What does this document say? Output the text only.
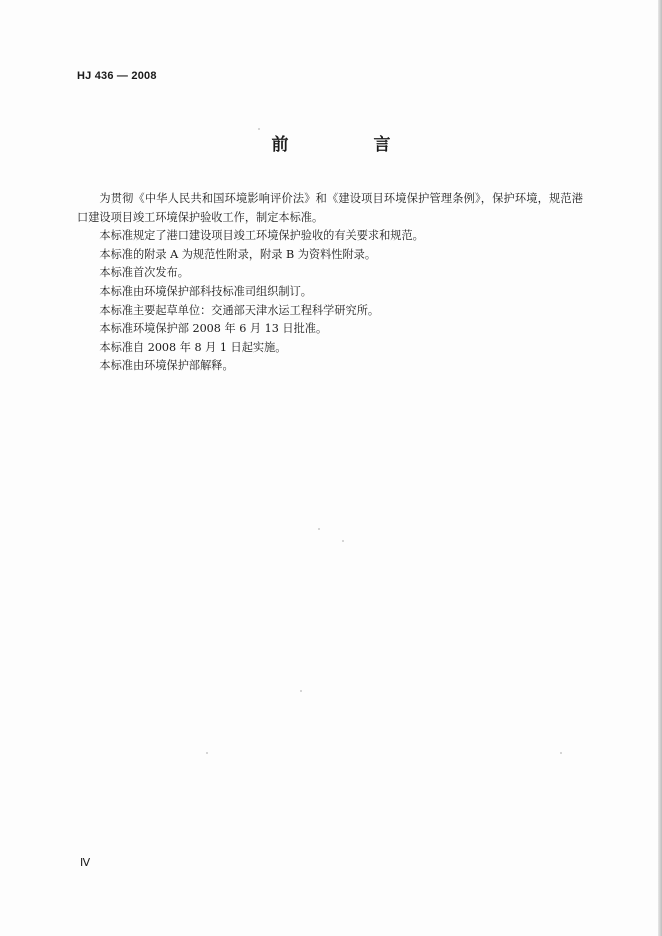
HJ 436 — 2008
前　言

为贯彻《中华人民共和国环境影响评价法》和《建设项目环境保护管理条例》，保护环境，规范港口建设项目竣工环境保护验收工作，制定本标准。

本标准规定了港口建设项目竣工环境保护验收的有关要求和规范。

本标准的附录 A 为规范性附录，附录 B 为资料性附录。

本标准首次发布。

本标准由环境保护部科技标准司组织制订。

本标准主要起草单位：交通部天津水运工程科学研究所。

本标准环境保护部 2008 年 6 月 13 日批准。

本标准自 2008 年 8 月 1 日起实施。

本标准由环境保护部解释。

Ⅳ
